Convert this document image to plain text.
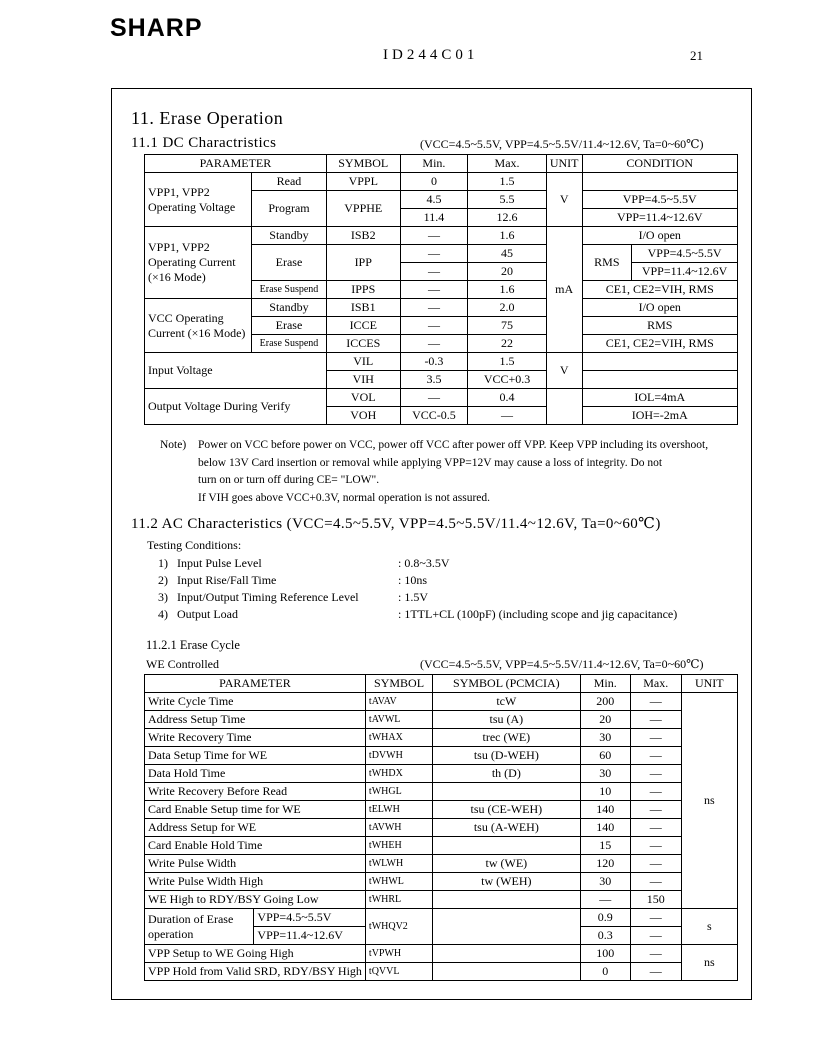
SHARP
ID244C01	21
11. Erase Operation
11.1 DC Charactristics	(VCC=4.5~5.5V, VPP=4.5~5.5V/11.4~12.6V, Ta=0~60℃)
PARAMETER		SYMBOL	Min.	Max.	UNIT	CONDITION	
VPP1, VPP2 Operating Voltage	Read	VPPL	0	1.5	V		
	Program	VPPHE	4.5	5.5		VPP=4.5~5.5V	
			11.4	12.6		VPP=11.4~12.6V	
VPP1, VPP2 Operating Current (×16 Mode)	Standby	ISB2	—	1.6	mA	I/O open	
	Erase	IPP	—	45		RMS	VPP=4.5~5.5V
			—	20			VPP=11.4~12.6V
	Erase Suspend	IPPS	—	1.6		CE1, CE2=VIH, RMS	
VCC Operating Current (×16 Mode)	Standby	ISB1	—	2.0		I/O open	
	Erase	ICCE	—	75		RMS	
	Erase Suspend	ICCES	—	22		CE1, CE2=VIH, RMS	
Input Voltage		VIL	-0.3	1.5	V		
		VIH	3.5	VCC+0.3			
Output Voltage During Verify		VOL	—	0.4		IOL=4mA	
		VOH	VCC-0.5	—		IOH=-2mA	
Note) Power on VCC before power on VCC, power off VCC after power off VPP. Keep VPP including its overshoot,
below 13V Card insertion or removal while applying VPP=12V may cause a loss of integrity. Do not
turn on or turn off during CE= "LOW".
If VIH goes above VCC+0.3V, normal operation is not assured.
11.2 AC Characteristics (VCC=4.5~5.5V, VPP=4.5~5.5V/11.4~12.6V, Ta=0~60℃)
Testing Conditions:
1) Input Pulse Level	: 0.8~3.5V
2) Input Rise/Fall Time	: 10ns
3) Input/Output Timing Reference Level	: 1.5V
4) Output Load	: 1TTL+CL (100pF) (including scope and jig capacitance)
11.2.1 Erase Cycle
WE Controlled	(VCC=4.5~5.5V, VPP=4.5~5.5V/11.4~12.6V, Ta=0~60℃)
PARAMETER		SYMBOL	SYMBOL (PCMCIA)	Min.	Max.	UNIT
Write Cycle Time		tAVAV	tcW	200	—	ns
Address Setup Time		tAVWL	tsu (A)	20	—	
Write Recovery Time		tWHAX	trec (WE)	30	—	
Data Setup Time for WE		tDVWH	tsu (D-WEH)	60	—	
Data Hold Time		tWHDX	th (D)	30	—	
Write Recovery Before Read		tWHGL		10	—	
Card Enable Setup time for WE		tELWH	tsu (CE-WEH)	140	—	
Address Setup for WE		tAVWH	tsu (A-WEH)	140	—	
Card Enable Hold Time		tWHEH		15	—	
Write Pulse Width		tWLWH	tw (WE)	120	—	
Write Pulse Width High		tWHWL	tw (WEH)	30	—	
WE High to RDY/BSY Going Low		tWHRL		—	150	
Duration of Erase operation	VPP=4.5~5.5V	tWHQV2		0.9	—	s
	VPP=11.4~12.6V			0.3	—	
VPP Setup to WE Going High		tVPWH		100	—	ns
VPP Hold from Valid SRD, RDY/BSY High		tQVVL		0	—	
